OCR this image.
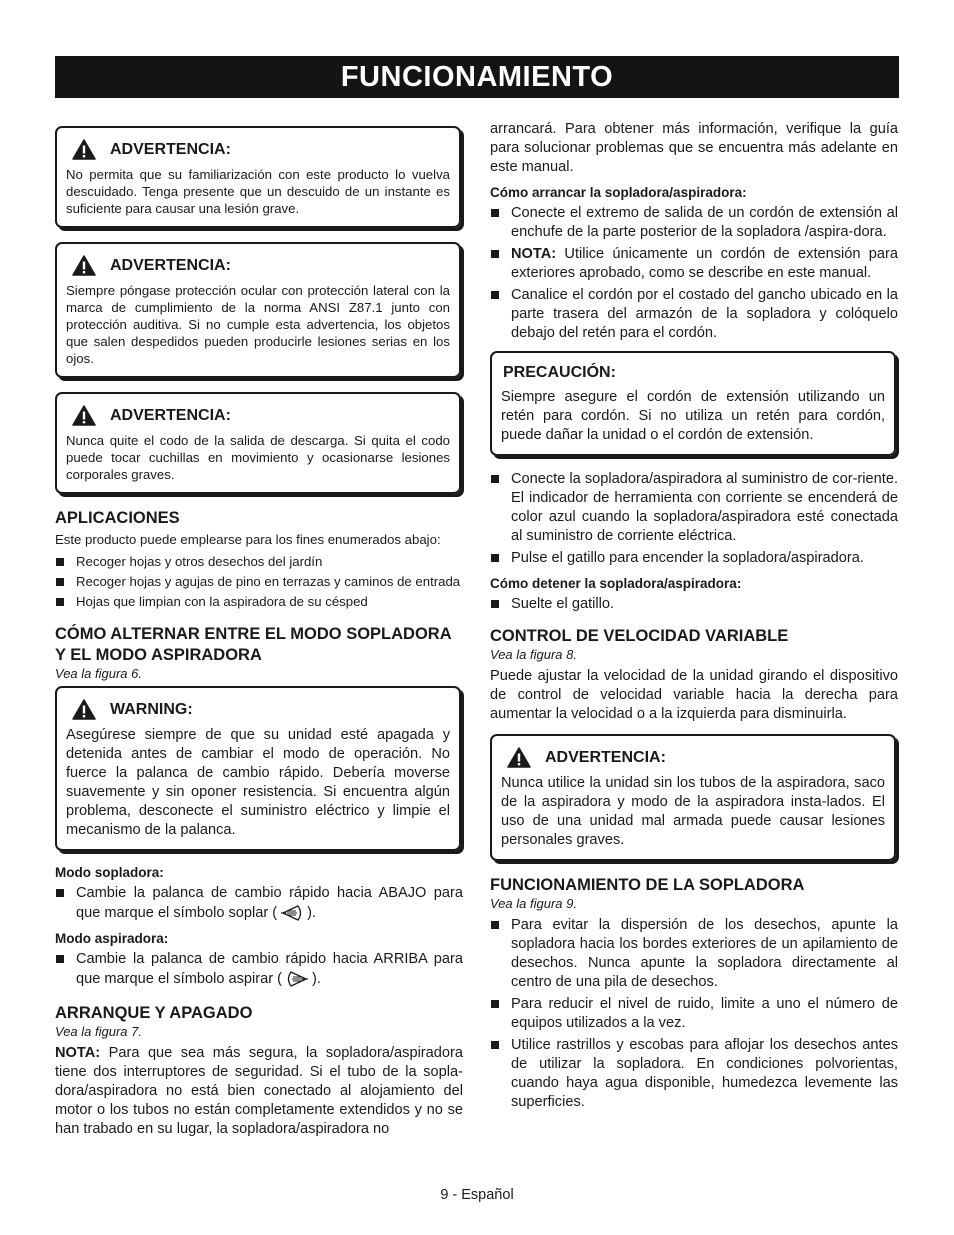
FUNCIONAMIENTO
ADVERTENCIA:

No permita que su familiarización con este producto lo vuelva descuidado. Tenga presente que un descuido de un instante es suficiente para causar una lesión grave.

ADVERTENCIA:

Siempre póngase protección ocular con protección lateral con la marca de cumplimiento de la norma ANSI Z87.1 junto con protección auditiva. Si no cumple esta advertencia, los objetos que salen despedidos pueden producirle lesiones serias en los ojos.

ADVERTENCIA:

Nunca quite el codo de la salida de descarga. Si quita el codo puede tocar cuchillas en movimiento y ocasionarse lesiones corporales graves.

APLICACIONES

Este producto puede emplearse para los fines enumerados abajo:

Recoger hojas y otros desechos del jardín
Recoger hojas y agujas de pino en terrazas y caminos de entrada
Hojas que limpian con la aspiradora de su césped
CÓMO ALTERNAR ENTRE EL MODO SOPLADORA Y EL MODO ASPIRADORA

Vea la figura 6.

WARNING:

Asegúrese siempre de que su unidad esté apagada y detenida antes de cambiar el modo de operación. No fuerce la palanca de cambio rápido. Debería moverse suavemente y sin oponer resistencia. Si encuentra algún problema, desconecte el suministro eléctrico y limpie el mecanismo de la palanca.

Modo sopladora:
Cambie la palanca de cambio rápido hacia ABAJO para que marque el símbolo soplar ( ).
Modo aspiradora:
Cambie la palanca de cambio rápido hacia ARRIBA para que marque el símbolo aspirar ( ).
ARRANQUE Y APAGADO

Vea la figura 7.

NOTA: Para que sea más segura, la sopladora/aspiradora tiene dos interruptores de seguridad. Si el tubo de la sopla-dora/aspiradora no está bien conectado al alojamiento del motor o los tubos no están completamente extendidos y no se han trabado en su lugar, la sopladora/aspiradora no

arrancará. Para obtener más información, verifique la guía para solucionar problemas que se encuentra más adelante en este manual.

Cómo arrancar la sopladora/aspiradora:
Conecte el extremo de salida de un cordón de extensión al enchufe de la parte posterior de la sopladora /aspira-dora.
NOTA: Utilice únicamente un cordón de extensión para exteriores aprobado, como se describe en este manual.
Canalice el cordón por el costado del gancho ubicado en la parte trasera del armazón de la sopladora y colóquelo debajo del retén para el cordón.
PRECAUCIÓN:

Siempre asegure el cordón de extensión utilizando un retén para cordón. Si no utiliza un retén para cordón, puede dañar la unidad o el cordón de extensión.

Conecte la sopladora/aspiradora al suministro de cor-riente. El indicador de herramienta con corriente se encenderá de color azul cuando la sopladora/aspiradora esté conectada al suministro de corriente eléctrica.
Pulse el gatillo para encender la sopladora/aspiradora.
Cómo detener la sopladora/aspiradora:
Suelte el gatillo.
CONTROL DE VELOCIDAD VARIABLE

Vea la figura 8.

Puede ajustar la velocidad de la unidad girando el dispositivo de control de velocidad variable hacia la derecha para aumentar la velocidad o a la izquierda para disminuirla.

ADVERTENCIA:

Nunca utilice la unidad sin los tubos de la aspiradora, saco de la aspiradora y modo de la aspiradora insta-lados. El uso de una unidad mal armada puede causar lesiones personales graves.

FUNCIONAMIENTO DE LA SOPLADORA

Vea la figura 9.

Para evitar la dispersión de los desechos, apunte la sopladora hacia los bordes exteriores de un apilamiento de desechos. Nunca apunte la sopladora directamente al centro de una pila de desechos.
Para reducir el nivel de ruido, limite a uno el número de equipos utilizados a la vez.
Utilice rastrillos y escobas para aflojar los desechos antes de utilizar la sopladora. En condiciones polvorientas, cuando haya agua disponible, humedezca levemente las superficies.
9 - Español
